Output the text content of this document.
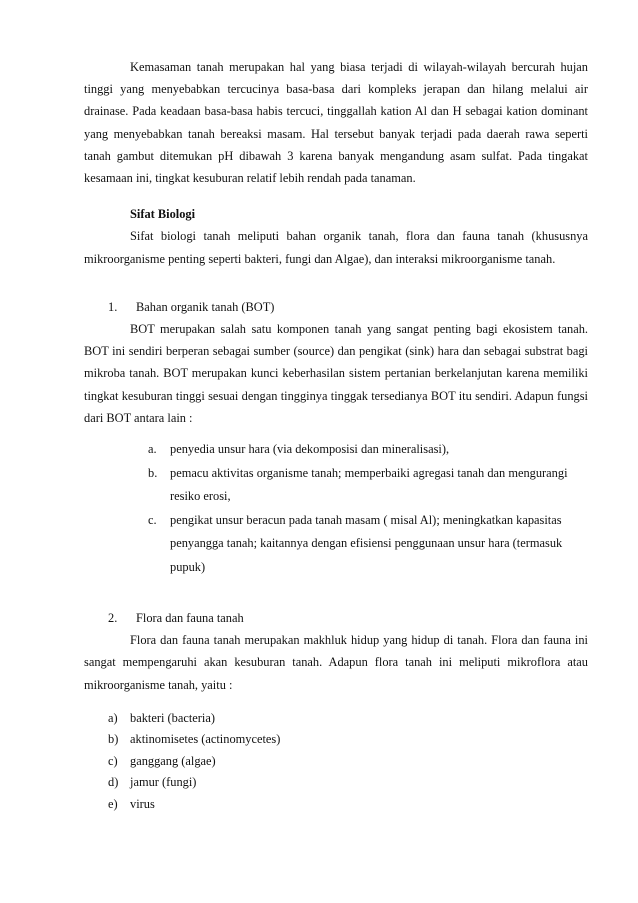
Kemasaman tanah merupakan hal yang biasa terjadi di wilayah-wilayah bercurah hujan tinggi yang menyebabkan tercucinya basa-basa dari kompleks jerapan dan hilang melalui air drainase. Pada keadaan basa-basa habis tercuci, tinggallah kation Al dan H sebagai kation dominant yang menyebabkan tanah bereaksi masam. Hal tersebut banyak terjadi pada daerah rawa seperti tanah gambut ditemukan pH dibawah 3 karena banyak mengandung asam sulfat. Pada tingakat kesamaan ini, tingkat kesuburan relatif lebih rendah pada tanaman.

Sifat Biologi

Sifat biologi tanah meliputi bahan organik tanah, flora dan fauna tanah (khususnya mikroorganisme penting seperti bakteri, fungi dan Algae), dan interaksi mikroorganisme tanah.

1.	Bahan organik tanah (BOT)

BOT merupakan salah satu komponen tanah yang sangat penting bagi ekosistem tanah. BOT ini sendiri berperan sebagai sumber (source) dan pengikat (sink) hara dan sebagai substrat bagi mikroba tanah. BOT merupakan kunci keberhasilan sistem pertanian berkelanjutan karena memiliki tingkat kesuburan tinggi sesuai dengan tingginya tinggak tersedianya BOT itu sendiri. Adapun fungsi dari BOT antara lain :

a.	penyedia unsur hara (via dekomposisi dan mineralisasi),
b.	pemacu aktivitas organisme tanah; memperbaiki agregasi tanah dan mengurangi resiko erosi,
c.	pengikat unsur beracun pada tanah masam ( misal Al); meningkatkan kapasitas penyangga tanah; kaitannya dengan efisiensi penggunaan unsur hara (termasuk pupuk)
2.	Flora dan fauna tanah

Flora dan fauna tanah merupakan makhluk hidup yang hidup di tanah. Flora dan fauna ini sangat mempengaruhi akan kesuburan tanah. Adapun flora tanah ini meliputi mikroflora atau mikroorganisme tanah, yaitu :

a) bakteri (bacteria)
b) aktinomisetes (actinomycetes)
c) ganggang (algae)
d) jamur (fungi)
e) virus
